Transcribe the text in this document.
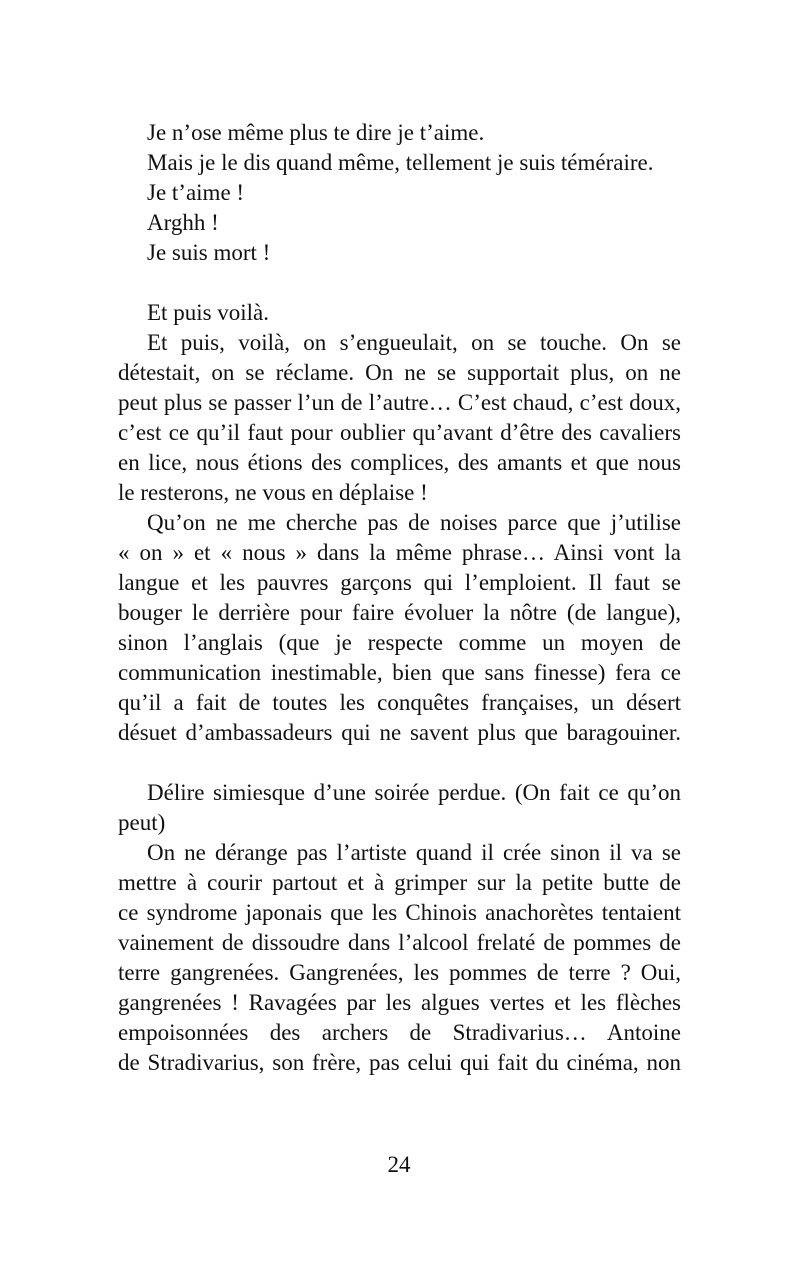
Je n’ose même plus te dire je t’aime.
Mais je le dis quand même, tellement je suis téméraire.
Je t’aime !
Arghh !
Je suis mort !
Et puis voilà.
Et puis, voilà, on s’engueulait, on se touche. On se
détestait, on se réclame. On ne se supportait plus, on ne
peut plus se passer l’un de l’autre… C’est chaud, c’est doux,
c’est ce qu’il faut pour oublier qu’avant d’être des cavaliers
en lice, nous étions des complices, des amants et que nous
le resterons, ne vous en déplaise !
Qu’on ne me cherche pas de noises parce que j’utilise
« on » et « nous » dans la même phrase… Ainsi vont la
langue et les pauvres garçons qui l’emploient. Il faut se
bouger le derrière pour faire évoluer la nôtre (de langue),
sinon l’anglais (que je respecte comme un moyen de
communication inestimable, bien que sans finesse) fera ce
qu’il a fait de toutes les conquêtes françaises, un désert
désuet d’ambassadeurs qui ne savent plus que baragouiner.
Délire simiesque d’une soirée perdue. (On fait ce qu’on
peut)
On ne dérange pas l’artiste quand il crée sinon il va se
mettre à courir partout et à grimper sur la petite butte de
ce syndrome japonais que les Chinois anachorètes tentaient
vainement de dissoudre dans l’alcool frelaté de pommes de
terre gangrenées. Gangrenées, les pommes de terre ? Oui,
gangrenées ! Ravagées par les algues vertes et les flèches
empoisonnées des archers de Stradivarius… Antoine
de Stradivarius, son frère, pas celui qui fait du cinéma, non
24
